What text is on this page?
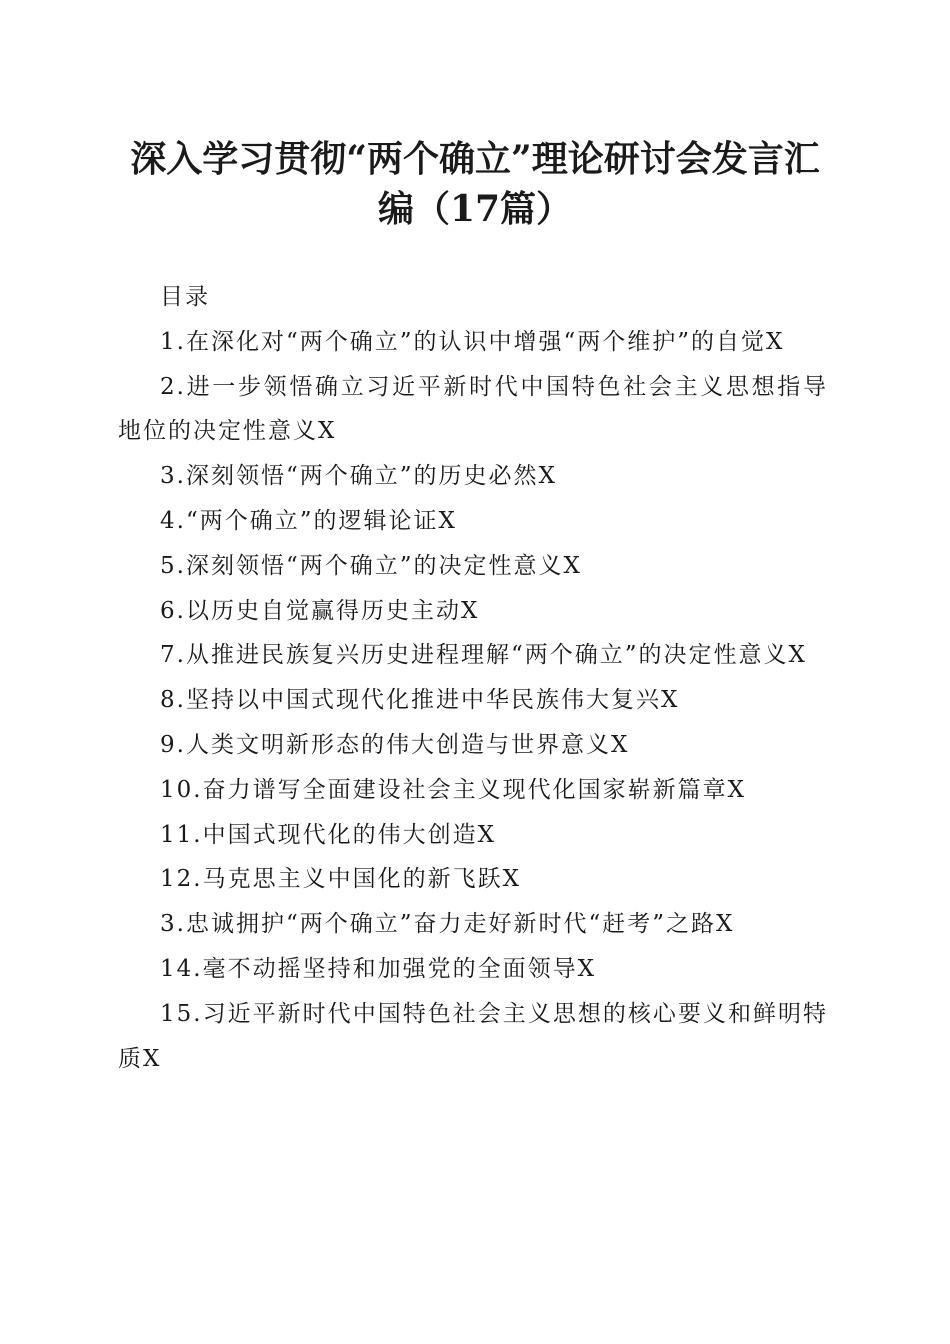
深入学习贯彻“两个确立”理论研讨会发言汇
编（17篇）

目录

1.在深化对“两个确立”的认识中增强“两个维护”的自觉X

2.进一步领悟确立习近平新时代中国特色社会主义思想指导地位的决定性意义X

3.深刻领悟“两个确立”的历史必然X

4.“两个确立”的逻辑论证X

5.深刻领悟“两个确立”的决定性意义X

6.以历史自觉赢得历史主动X

7.从推进民族复兴历史进程理解“两个确立”的决定性意义X

8.坚持以中国式现代化推进中华民族伟大复兴X

9.人类文明新形态的伟大创造与世界意义X

10.奋力谱写全面建设社会主义现代化国家崭新篇章X

11.中国式现代化的伟大创造X

12.马克思主义中国化的新飞跃X

3.忠诚拥护“两个确立”奋力走好新时代“赶考”之路X

14.毫不动摇坚持和加强党的全面领导X

15.习近平新时代中国特色社会主义思想的核心要义和鲜明特质X
